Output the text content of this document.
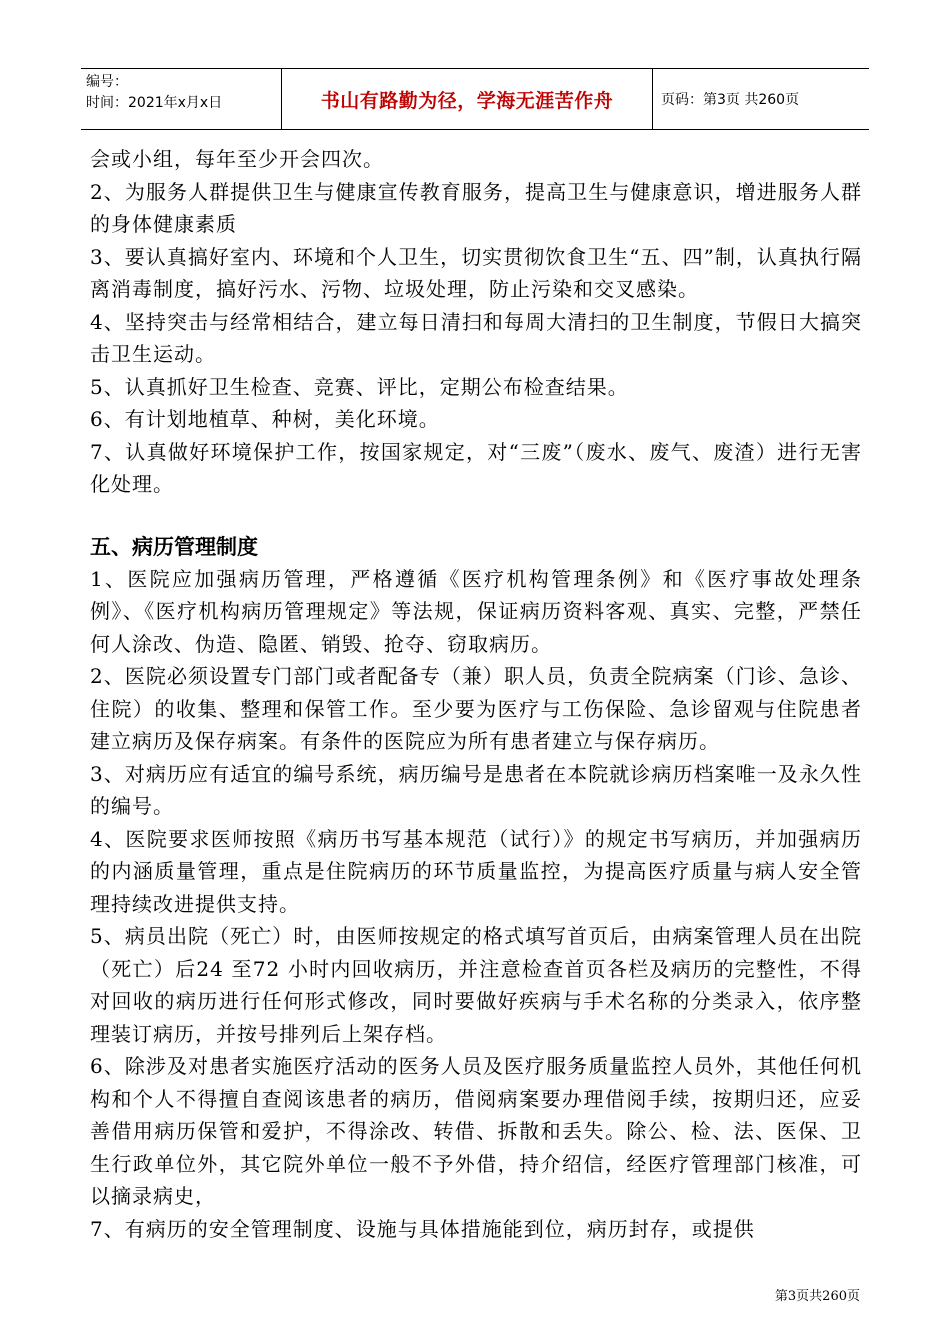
编号：
时间：2021年x月x日	书山有路勤为径，学海无涯苦作舟	页码：第3页 共260页

会或小组，每年至少开会四次。

2、为服务人群提供卫生与健康宣传教育服务，提高卫生与健康意识，增进服务人群的身体健康素质

3、要认真搞好室内、环境和个人卫生，切实贯彻饮食卫生“五、四”制，认真执行隔离消毒制度，搞好污水、污物、垃圾处理，防止污染和交叉感染。

4、坚持突击与经常相结合，建立每日清扫和每周大清扫的卫生制度，节假日大搞突击卫生运动。

5、认真抓好卫生检查、竞赛、评比，定期公布检查结果。

6、有计划地植草、种树，美化环境。

7、认真做好环境保护工作，按国家规定，对“三废”（废水、废气、废渣）进行无害化处理。

五、病历管理制度

1、医院应加强病历管理，严格遵循《医疗机构管理条例》和《医疗事故处理条例》、《医疗机构病历管理规定》等法规，保证病历资料客观、真实、完整，严禁任何人涂改、伪造、隐匿、销毁、抢夺、窃取病历。

2、医院必须设置专门部门或者配备专（兼）职人员，负责全院病案（门诊、急诊、住院）的收集、整理和保管工作。至少要为医疗与工伤保险、急诊留观与住院患者建立病历及保存病案。有条件的医院应为所有患者建立与保存病历。

3、对病历应有适宜的编号系统，病历编号是患者在本院就诊病历档案唯一及永久性的编号。

4、医院要求医师按照《病历书写基本规范（试行）》的规定书写病历，并加强病历的内涵质量管理，重点是住院病历的环节质量监控，为提高医疗质量与病人安全管理持续改进提供支持。

5、病员出院（死亡）时，由医师按规定的格式填写首页后，由病案管理人员在出院（死亡）后24 至72 小时内回收病历，并注意检查首页各栏及病历的完整性，不得对回收的病历进行任何形式修改，同时要做好疾病与手术名称的分类录入，依序整理装订病历，并按号排列后上架存档。

6、除涉及对患者实施医疗活动的医务人员及医疗服务质量监控人员外，其他任何机构和个人不得擅自查阅该患者的病历，借阅病案要办理借阅手续，按期归还，应妥善借用病历保管和爱护，不得涂改、转借、拆散和丢失。除公、检、法、医保、卫生行政单位外，其它院外单位一般不予外借，持介绍信，经医疗管理部门核准，可以摘录病史，

7、有病历的安全管理制度、设施与具体措施能到位，病历封存，或提供

第3页共260页
